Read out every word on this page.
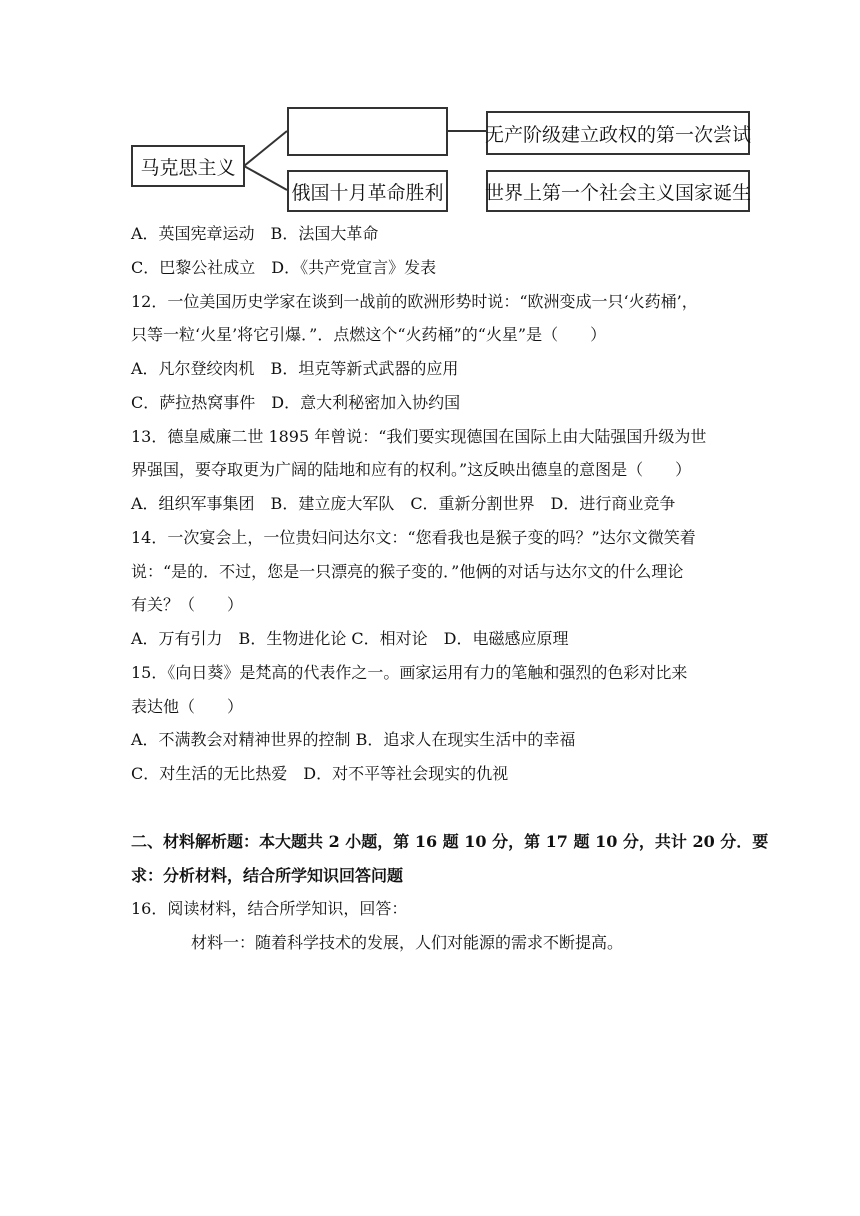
马克思主义
俄国十月革命胜利
无产阶级建立政权的第一次尝试
世界上第一个社会主义国家诞生
A．英国宪章运动　B．法国大革命
C．巴黎公社成立　D．《共产党宣言》发表
12．一位美国历史学家在谈到一战前的欧洲形势时说：“欧洲变成一只‘火药桶’，
只等一粒‘火星’将它引爆．”．点燃这个“火药桶”的“火星”是（　　）
A．凡尔登绞肉机　B．坦克等新式武器的应用
C．萨拉热窝事件　D．意大利秘密加入协约国
13．德皇威廉二世 1895 年曾说：“我们要实现德国在国际上由大陆强国升级为世
界强国，要夺取更为广阔的陆地和应有的权利。”这反映出德皇的意图是（　　）
A．组织军事集团　B．建立庞大军队　C．重新分割世界　D．进行商业竞争
14．一次宴会上，一位贵妇问达尔文：“您看我也是猴子变的吗？”达尔文微笑着
说：“是的．不过，您是一只漂亮的猴子变的．”他俩的对话与达尔文的什么理论
有关？（　　）
A．万有引力　B．生物进化论 C．相对论　D．电磁感应原理
15．《向日葵》是梵高的代表作之一。画家运用有力的笔触和强烈的色彩对比来
表达他（　　）
A．不满教会对精神世界的控制 B．追求人在现实生活中的幸福
C．对生活的无比热爱　D．对不平等社会现实的仇视
二、材料解析题：本大题共 2 小题，第 16 题 10 分，第 17 题 10 分，共计 20 分．要
求：分析材料，结合所学知识回答问题
16．阅读材料，结合所学知识，回答：
材料一：随着科学技术的发展，人们对能源的需求不断提高。
